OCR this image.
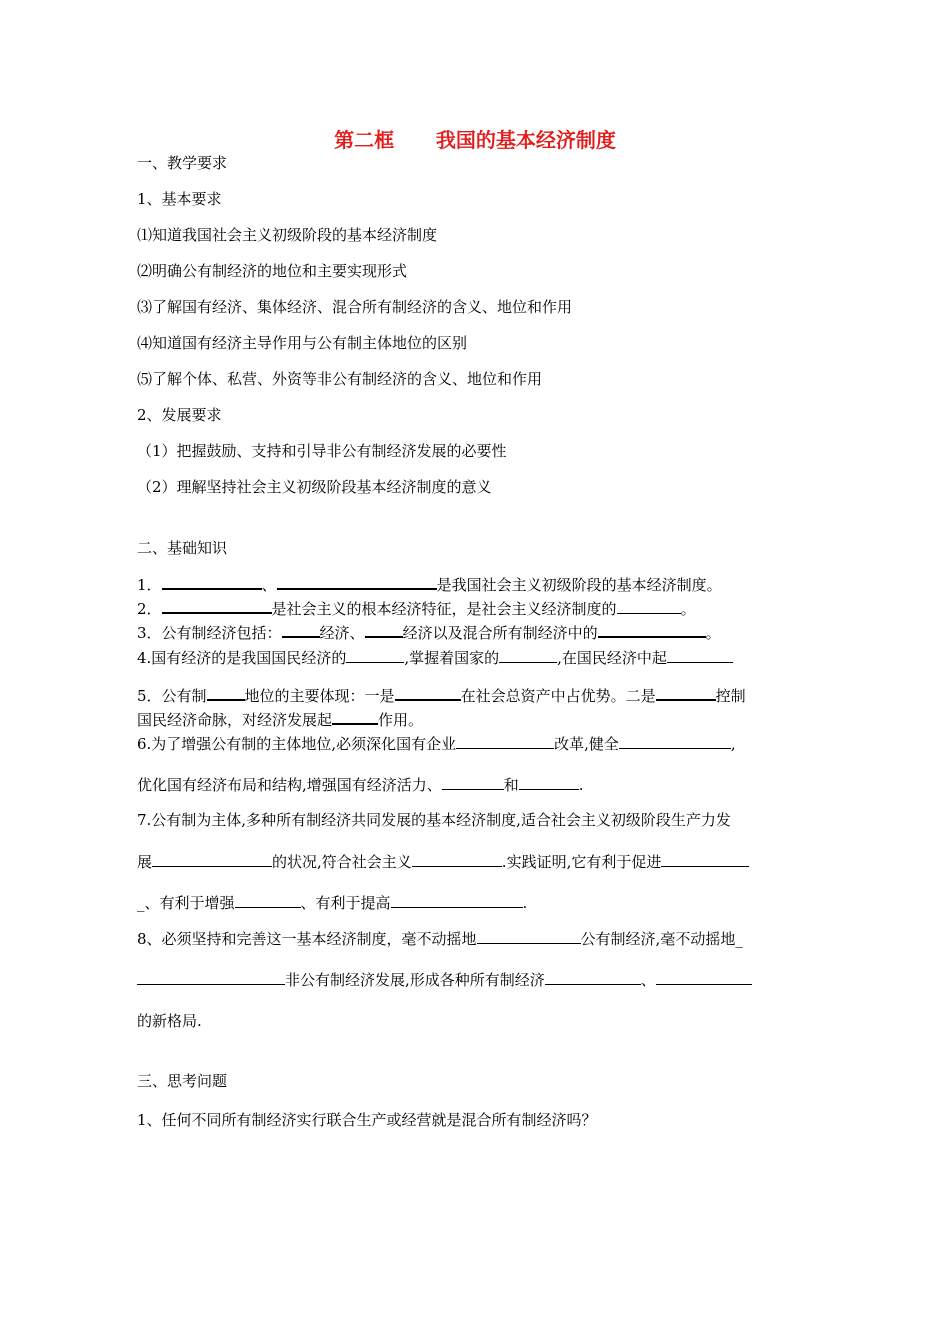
第二框      我国的基本经济制度
一、教学要求
1、基本要求
⑴知道我国社会主义初级阶段的基本经济制度
⑵明确公有制经济的地位和主要实现形式
⑶了解国有经济、集体经济、混合所有制经济的含义、地位和作用
⑷知道国有经济主导作用与公有制主体地位的区别
⑸了解个体、私营、外资等非公有制经济的含义、地位和作用
2、发展要求
（1）把握鼓励、支持和引导非公有制经济发展的必要性
（2）理解坚持社会主义初级阶段基本经济制度的意义
二、基础知识
1．	、	是我国社会主义初级阶段的基本经济制度。
2．	是社会主义的根本经济特征，是社会主义经济制度的	。
3．公有制经济包括：	经济、	经济以及混合所有制经济中的	。
4.国有经济的是我国国民经济的	,掌握着国家的	,在国民经济中起
5．公有制	地位的主要体现：一是	在社会总资产中占优势。二是	控制
国民经济命脉，对经济发展起	作用。
6.为了增强公有制的主体地位,必须深化国有企业	改革,健全	,
优化国有经济布局和结构,增强国有经济活力、	和	.
7.公有制为主体,多种所有制经济共同发展的基本经济制度,适合社会主义初级阶段生产力发
展	的状况,符合社会主义	.实践证明,它有利于促进
_、有利于增强	、有利于提高	.
8、必须坚持和完善这一基本经济制度，毫不动摇地	公有制经济,毫不动摇地_
非公有制经济发展,形成各种所有制经济	、
的新格局.
三、思考问题
1、任何不同所有制经济实行联合生产或经营就是混合所有制经济吗？
